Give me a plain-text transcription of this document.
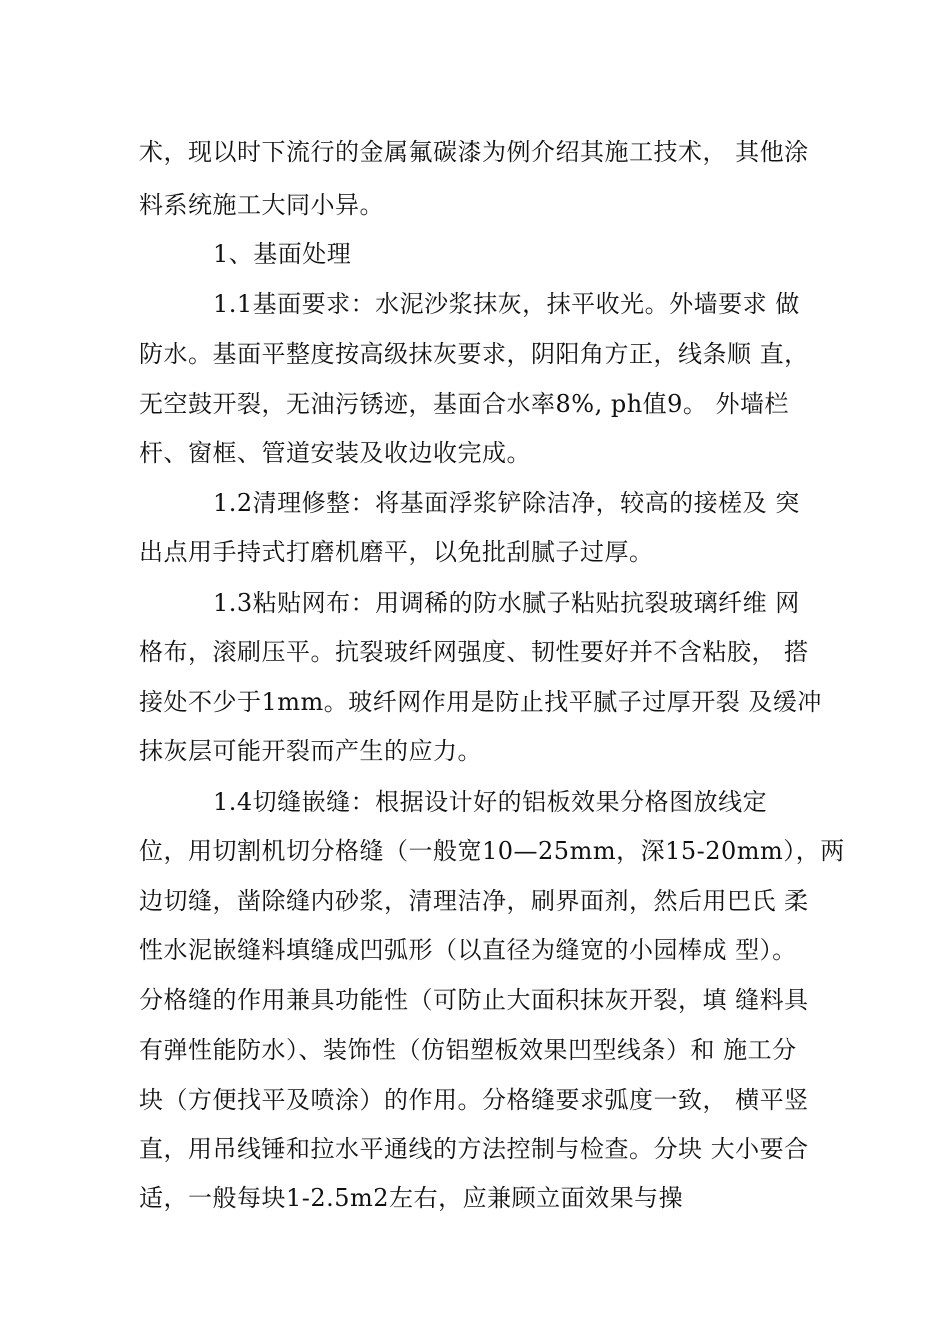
术，现以时下流行的金属氟碳漆为例介绍其施工技术， 其他涂
料系统施工大同小异。
1、基面处理
1.1基面要求：水泥沙浆抹灰，抹平收光。外墙要求 做
防水。基面平整度按高级抹灰要求，阴阳角方正，线条顺 直，
无空鼓开裂，无油污锈迹，基面合水率8%, ph值9。 外墙栏
杆、窗框、管道安装及收边收完成。
1.2清理修整：将基面浮浆铲除洁净，较高的接槎及 突
出点用手持式打磨机磨平，以免批刮腻子过厚。
1.3粘贴网布：用调稀的防水腻子粘贴抗裂玻璃纤维 网
格布，滚刷压平。抗裂玻纤网强度、韧性要好并不含粘胶， 搭
接处不少于1mm。玻纤网作用是防止找平腻子过厚开裂 及缓冲
抹灰层可能开裂而产生的应力。
1.4切缝嵌缝：根据设计好的铝板效果分格图放线定
位，用切割机切分格缝（一般宽10—25mm，深15-20mm），两
边切缝，凿除缝内砂浆，清理洁净，刷界面剂，然后用巴氏 柔
性水泥嵌缝料填缝成凹弧形（以直径为缝宽的小园棒成 型）。
分格缝的作用兼具功能性（可防止大面积抹灰开裂，填 缝料具
有弹性能防水）、装饰性（仿铝塑板效果凹型线条）和 施工分
块（方便找平及喷涂）的作用。分格缝要求弧度一致， 横平竖
直，用吊线锤和拉水平通线的方法控制与检查。分块 大小要合
适，一般每块1-2.5m2左右，应兼顾立面效果与操
